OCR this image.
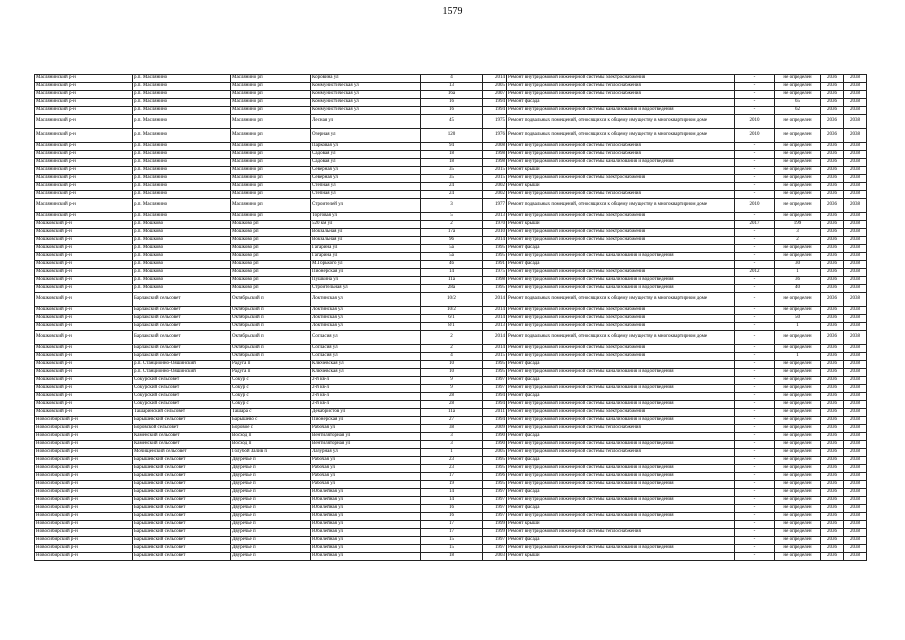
1579
Маслянинский р-н	р.п. Маслянино	Маслянино рп	Коровина ул	4	2014	Ремонт внутридомовой инженерной системы электроснабжения	-	не определен	2036	2038
Маслянинский р-н	р.п. Маслянино	Маслянино рп	Коммунистическая ул	13	2005	Ремонт внутридомовой инженерной системы теплоснабжения	-	не определен	2036	2038
Маслянинский р-н	р.п. Маслянино	Маслянино рп	Коммунистическая ул	16а	2007	Ремонт внутридомовой инженерной системы теплоснабжения	-	не определен	2036	2038
Маслянинский р-н	р.п. Маслянино	Маслянино рп	Коммунистическая ул	16	1994	Ремонт фасада	-	65	2036	2038
Маслянинский р-н	р.п. Маслянино	Маслянино рп	Коммунистическая ул	16	1994	Ремонт внутридомовой инженерной системы канализования и водоотведения	-	62	2036	2038
Маслянинский р-н	р.п. Маслянино	Маслянино рп	Лесная ул	45	1975	Ремонт подвальных помещений, относящихся к общему имуществу в многоквартирном доме	2010	не определен	2036	2038
Маслянинский р-н	р.п. Маслянино	Маслянино рп	Озерная ул	120	1976	Ремонт подвальных помещений, относящихся к общему имуществу в многоквартирном доме	2010	не определен	2036	2038
Маслянинский р-н	р.п. Маслянино	Маслянино рп	Парковая ул	94	2008	Ремонт внутридомовой инженерной системы теплоснабжения	-	не определен	2036	2038
Маслянинский р-н	р.п. Маслянино	Маслянино рп	Садовая ул	18	1998	Ремонт внутридомовой инженерной системы теплоснабжения	-	не определен	2036	2038
Маслянинский р-н	р.п. Маслянино	Маслянино рп	Садовая ул	18	1998	Ремонт внутридомовой инженерной системы канализования и водоотведения	-	не определен	2036	2038
Маслянинский р-н	р.п. Маслянино	Маслянино рп	Северная ул	35	2015	Ремонт крыши	-	не определен	2036	2038
Маслянинский р-н	р.п. Маслянино	Маслянино рп	Северная ул	35	2015	Ремонт внутридомовой инженерной системы электроснабжения	-	не определен	2036	2038
Маслянинский р-н	р.п. Маслянино	Маслянино рп	Степная ул	24	2002	Ремонт крыши	-	не определен	2036	2038
Маслянинский р-н	р.п. Маслянино	Маслянино рп	Степная ул	24	2002	Ремонт внутридомовой инженерной системы теплоснабжения	-	не определен	2036	2038
Маслянинский р-н	р.п. Маслянино	Маслянино рп	Строителей ул	3	1977	Ремонт подвальных помещений, относящихся к общему имуществу в многоквартирном доме	2010	не определен	2036	2038
Маслянинский р-н	р.п. Маслянино	Маслянино рп	Торговая ул	5	2013	Ремонт внутридомовой инженерной системы электроснабжения	-	не определен	2036	2038
Мошковский р-н	р.п. Мошково	Мошково рп	520 км ул	2	1970	Ремонт крыши	2017	199	2036	2038
Мошковский р-н	р.п. Мошково	Мошково рп	Вокзальная ул	17а	2010	Ремонт внутридомовой инженерной системы электроснабжения	-	3	2036	2038
Мошковский р-н	р.п. Мошково	Мошково рп	Вокзальная ул	9б	2014	Ремонт внутридомовой инженерной системы электроснабжения	-	2	2036	2038
Мошковский р-н	р.п. Мошково	Мошково рп	Гагарина ул	5а	1995	Ремонт фасада	-	не определен	2036	2038
Мошковский р-н	р.п. Мошково	Мошково рп	Гагарина ул	5а	1995	Ремонт внутридомовой инженерной системы канализования и водоотведения	-	не определен	2036	2038
Мошковский р-н	р.п. Мошково	Мошково рп	М.Горького ул	4б	1991	Ремонт фасада	-	30	2036	2038
Мошковский р-н	р.п. Мошково	Мошково рп	Пионерская ул	14	1975	Ремонт внутридомовой инженерной системы электроснабжения	2012	1	2036	2038
Мошковский р-н	р.п. Мошково	Мошково рп	Пушкина ул	11а	1998	Ремонт внутридомовой инженерной системы канализования и водоотведения	-	36	2036	2038
Мошковский р-н	р.п. Мошково	Мошково рп	Строительная ул	28а	1995	Ремонт внутридомовой инженерной системы канализования и водоотведения	-	40	2036	2038
Мошковский р-н	Барлакский сельсовет	Октябрьский п	Локтинская ул	10/2	2014	Ремонт подвальных помещений, относящихся к общему имуществу в многоквартирном доме	-	не определен	2036	2038
Мошковский р-н	Барлакский сельсовет	Октябрьский п	Локтинская ул	10/2	2014	Ремонт внутридомовой инженерной системы электроснабжения	-	не определен	2036	2038
Мошковский р-н	Барлакский сельсовет	Октябрьский п	Локтинская ул	6/1	2014	Ремонт внутридомовой инженерной системы электроснабжения	-	50	2036	2038
Мошковский р-н	Барлакский сельсовет	Октябрьский п	Локтинская ул	8/1	2013	Ремонт внутридомовой инженерной системы электроснабжения	-	1	2036	2038
Мошковский р-н	Барлакский сельсовет	Октябрьский п	Согласия ул	2	2014	Ремонт подвальных помещений, относящихся к общему имуществу в многоквартирном доме	-	не определен	2036	2038
Мошковский р-н	Барлакский сельсовет	Октябрьский п	Согласия ул	2	2014	Ремонт внутридомовой инженерной системы электроснабжения	-	не определен	2036	2038
Мошковский р-н	Барлакский сельсовет	Октябрьский п	Согласия ул	4	2015	Ремонт внутридомовой инженерной системы электроснабжения	-	1	2036	2038
Мошковский р-н	р.п. Станционно-Ояшинский	Радуга п	Ключевская ул	10	1995	Ремонт фасада	-	не определен	2036	2038
Мошковский р-н	р.п. Станционно-Ояшинский	Радуга п	Ключевская ул	10	1995	Ремонт внутридомовой инженерной системы канализования и водоотведения	-	не определен	2036	2038
Мошковский р-н	Сокурский сельсовет	Сокур с	2-й кв-л	9	1997	Ремонт фасада	-	не определен	2036	2038
Мошковский р-н	Сокурский сельсовет	Сокур с	2-й кв-л	9	1997	Ремонт внутридомовой инженерной системы канализования и водоотведения	-	не определен	2036	2038
Мошковский р-н	Сокурский сельсовет	Сокур с	2-й кв-л	28	1994	Ремонт фасада	-	не определен	2036	2038
Мошковский р-н	Сокурский сельсовет	Сокур с	2-й кв-л	28	1994	Ремонт внутридомовой инженерной системы канализования и водоотведения	-	не определен	2036	2038
Мошковский р-н	Ташаринский сельсовет	Ташара с	Декабристов ул	11а	2011	Ремонт внутридомовой инженерной системы электроснабжения	-	не определен	2036	2038
Новосибирский р-н	Барышевский сельсовет	Барышево с	Пионерская ул	27	1994	Ремонт внутридомовой инженерной системы канализования и водоотведения	-	не определен	2036	2038
Новосибирский р-н	Боровской сельсовет	Боровое с	Рабочая ул	38	2009	Ремонт внутридомовой инженерной системы теплоснабжения	-	не определен	2036	2038
Новосибирский р-н	Каменский сельсовет	Восход п	Вентиляторная ул	3	1990	Ремонт фасада	-	не определен	2036	2038
Новосибирский р-н	Каменский сельсовет	Восход п	Вентиляторная ул	3	1990	Ремонт внутридомовой инженерной системы канализования и водоотведения	-	не определен	2036	2038
Новосибирский р-н	Мочищенский сельсовет	Голубой Залив п	Лазурная ул	1	2005	Ремонт внутридомовой инженерной системы теплоснабжения	-	не определен	2036	2038
Новосибирский р-н	Барышевский сельсовет	Двуречье п	Рабочая ул	23	1995	Ремонт фасада	-	не определен	2036	2038
Новосибирский р-н	Барышевский сельсовет	Двуречье п	Рабочая ул	23	1995	Ремонт внутридомовой инженерной системы канализования и водоотведения	-	не определен	2036	2038
Новосибирский р-н	Барышевский сельсовет	Двуречье п	Рабочая ул	17	1996	Ремонт внутридомовой инженерной системы канализования и водоотведения	-	не определен	2036	2038
Новосибирский р-н	Барышевский сельсовет	Двуречье п	Рабочая ул	19	1995	Ремонт внутридомовой инженерной системы канализования и водоотведения	-	не определен	2036	2038
Новосибирский р-н	Барышевский сельсовет	Двуречье п	Юбилейная ул	14	1997	Ремонт фасада	-	не определен	2036	2038
Новосибирский р-н	Барышевский сельсовет	Двуречье п	Юбилейная ул	14	1997	Ремонт внутридомовой инженерной системы канализования и водоотведения	-	не определен	2036	2038
Новосибирский р-н	Барышевский сельсовет	Двуречье п	Юбилейная ул	16	1997	Ремонт фасада	-	не определен	2036	2038
Новосибирский р-н	Барышевский сельсовет	Двуречье п	Юбилейная ул	16	1997	Ремонт внутридомовой инженерной системы канализования и водоотведения	-	не определен	2036	2038
Новосибирский р-н	Барышевский сельсовет	Двуречье п	Юбилейная ул	17	1999	Ремонт крыши	-	не определен	2036	2038
Новосибирский р-н	Барышевский сельсовет	Двуречье п	Юбилейная ул	17	1999	Ремонт внутридомовой инженерной системы теплоснабжения	-	не определен	2036	2038
Новосибирский р-н	Барышевский сельсовет	Двуречье п	Юбилейная ул	15	1997	Ремонт фасада	-	не определен	2036	2038
Новосибирский р-н	Барышевский сельсовет	Двуречье п	Юбилейная ул	15	1997	Ремонт внутридомовой инженерной системы канализования и водоотведения	-	не определен	2036	2038
Новосибирский р-н	Барышевский сельсовет	Двуречье п	Юбилейная ул	18	2003	Ремонт крыши	-	не определен	2036	2038
